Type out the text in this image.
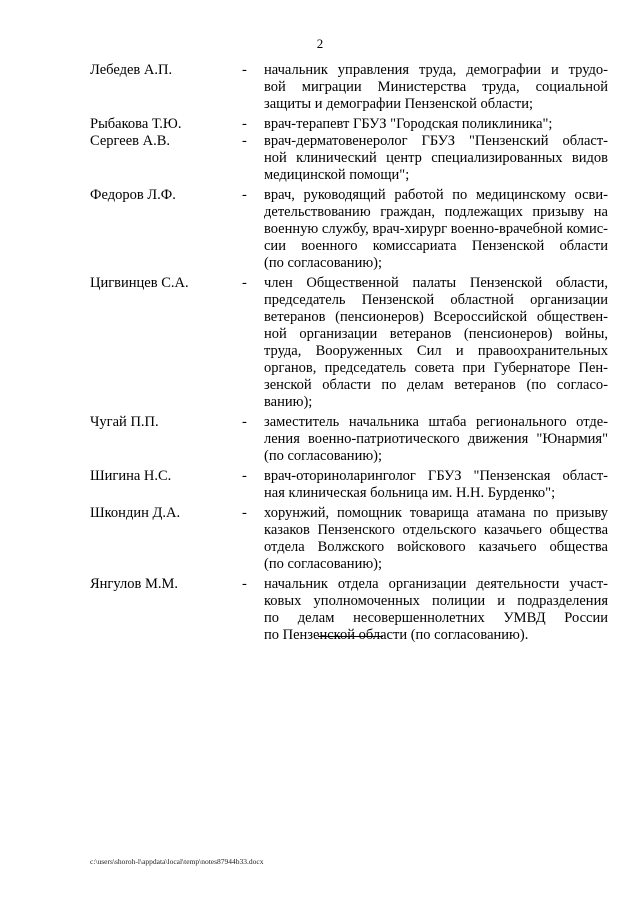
2
Лебедев А.П.	-	начальник управления труда, демографии и трудо-
вой миграции Министерства труда, социальной
защиты и демографии Пензенской области;
Рыбакова Т.Ю.	-	врач-терапевт ГБУЗ "Городская поликлиника";
Сергеев А.В.	-	врач-дерматовенеролог ГБУЗ "Пензенский област-
ной клинический центр специализированных видов
медицинской помощи";
Федоров Л.Ф.	-	врач, руководящий работой по медицинскому осви-
детельствованию граждан, подлежащих призыву на
военную службу, врач-хирург военно-врачебной комис-
сии военного комиссариата Пензенской области
(по согласованию);
Цигвинцев С.А.	-	член Общественной палаты Пензенской области,
председатель Пензенской областной организации
ветеранов (пенсионеров) Всероссийской обществен-
ной организации ветеранов (пенсионеров) войны,
труда, Вооруженных Сил и правоохранительных
органов, председатель совета при Губернаторе Пен-
зенской области по делам ветеранов (по согласо-
ванию);
Чугай П.П.	-	заместитель начальника штаба регионального отде-
ления военно-патриотического движения "Юнармия"
(по согласованию);
Шигина Н.С.	-	врач-оториноларинголог ГБУЗ "Пензенская област-
ная клиническая больница им. Н.Н. Бурденко";
Шкондин Д.А.	-	хорунжий, помощник товарища атамана по призыву
казаков Пензенского отдельского казачьего общества
отдела Волжского войскового казачьего общества
(по согласованию);
Янгулов М.М.	-	начальник отдела организации деятельности участ-
ковых уполномоченных полиции и подразделения
по делам несовершеннолетних УМВД России
по Пензенской области (по согласованию).
c:\users\shoroh-l\appdata\local\temp\notes87944b33.docx
